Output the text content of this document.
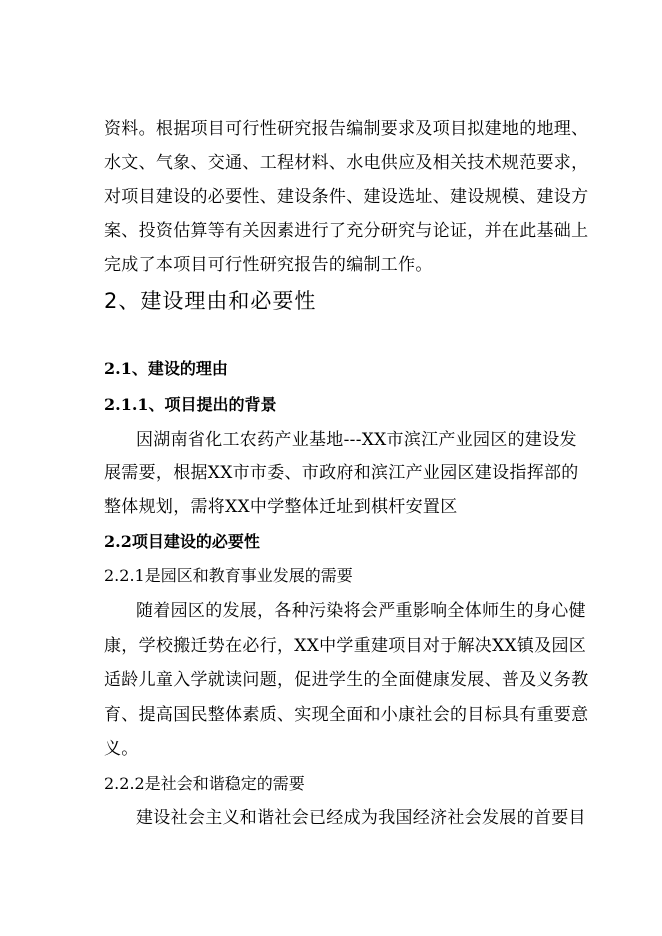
资料。根据项目可行性研究报告编制要求及项目拟建地的地理、
水文、气象、交通、工程材料、水电供应及相关技术规范要求，
对项目建设的必要性、建设条件、建设选址、建设规模、建设方
案、投资估算等有关因素进行了充分研究与论证，并在此基础上
完成了本项目可行性研究报告的编制工作。
2、建设理由和必要性
2.1、建设的理由
2.1.1、项目提出的背景
因湖南省化工农药产业基地---XX市滨江产业园区的建设发
展需要，根据XX市市委、市政府和滨江产业园区建设指挥部的
整体规划，需将XX中学整体迁址到棋杆安置区
2.2项目建设的必要性
2.2.1是园区和教育事业发展的需要
随着园区的发展，各种污染将会严重影响全体师生的身心健
康，学校搬迁势在必行，XX中学重建项目对于解决XX镇及园区
适龄儿童入学就读问题，促进学生的全面健康发展、普及义务教
育、提高国民整体素质、实现全面和小康社会的目标具有重要意
义。
2.2.2是社会和谐稳定的需要
建设社会主义和谐社会已经成为我国经济社会发展的首要目
